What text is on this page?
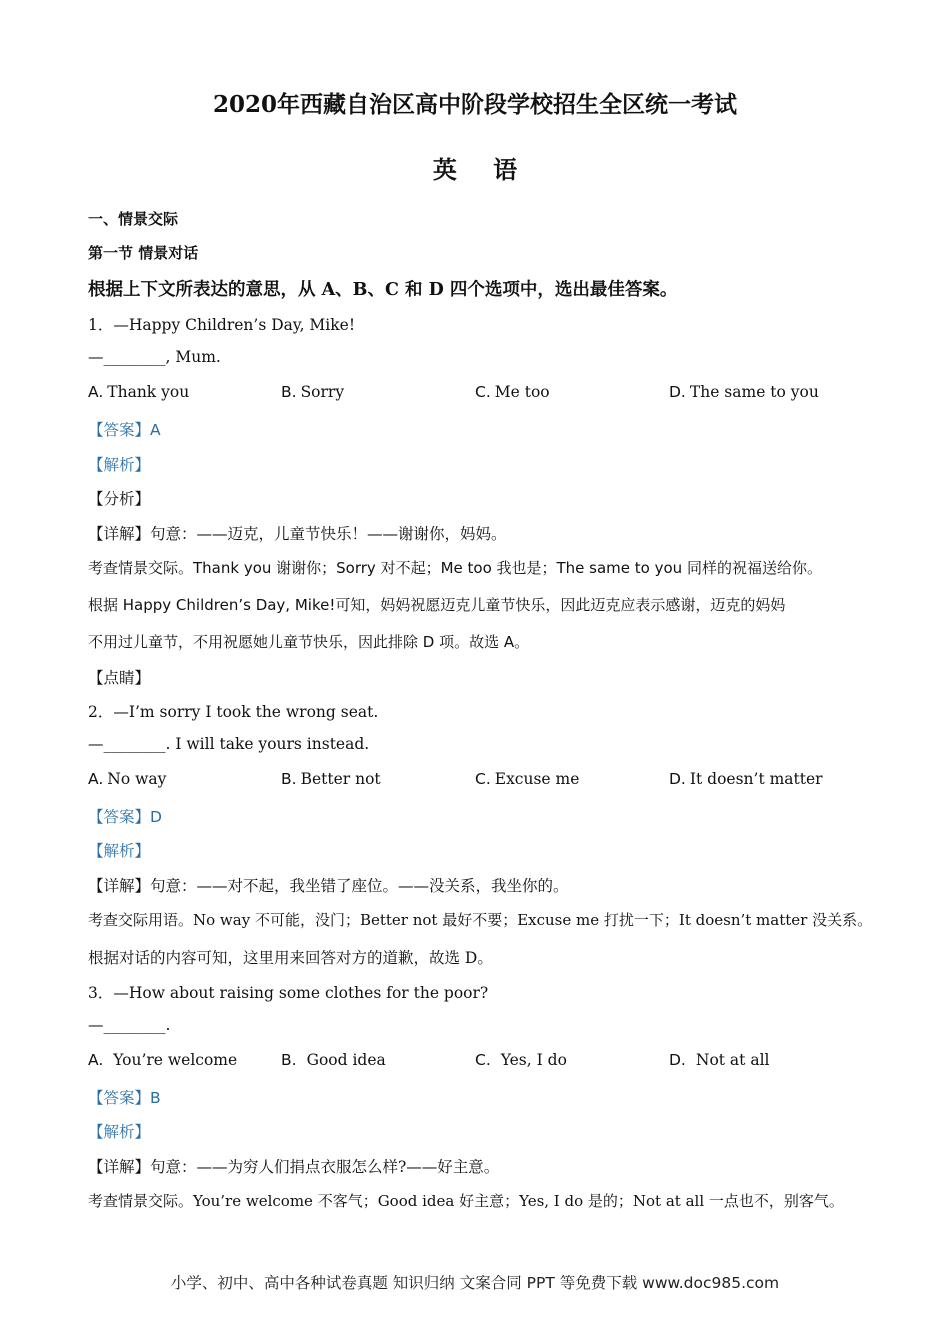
2020年西藏自治区高中阶段学校招生全区统一考试
英 语
一、情景交际
第一节 情景对话
根据上下文所表达的意思，从 A、B、C 和 D 四个选项中，选出最佳答案。
1．—Happy Children’s Day, Mike!
—________, Mum.
A. Thank you	B. Sorry	C. Me too	D. The same to you
【答案】A
【解析】
【分析】
【详解】句意：——迈克，儿童节快乐！——谢谢你，妈妈。
考查情景交际。Thank you 谢谢你；Sorry 对不起；Me too 我也是；The same to you 同样的祝福送给你。
根据 Happy Children’s Day, Mike!可知，妈妈祝愿迈克儿童节快乐，因此迈克应表示感谢，迈克的妈妈
不用过儿童节，不用祝愿她儿童节快乐，因此排除 D 项。故选 A。
【点睛】
2．—I’m sorry I took the wrong seat.
—________. I will take yours instead.
A. No way	B. Better not	C. Excuse me	D. It doesn’t matter
【答案】D
【解析】
【详解】句意：——对不起，我坐错了座位。——没关系，我坐你的。
考查交际用语。No way 不可能，没门；Better not 最好不要；Excuse me 打扰一下；It doesn’t matter 没关系。
根据对话的内容可知，这里用来回答对方的道歉，故选 D。
3．—How about raising some clothes for the poor?
—________.
A. You’re welcome	B. Good idea	C. Yes, I do	D. Not at all
【答案】B
【解析】
【详解】句意：——为穷人们捐点衣服怎么样?——好主意。
考查情景交际。You’re welcome 不客气；Good idea 好主意；Yes, I do 是的；Not at all 一点也不，别客气。
小学、初中、高中各种试卷真题 知识归纳 文案合同 PPT 等免费下载 www.doc985.com
